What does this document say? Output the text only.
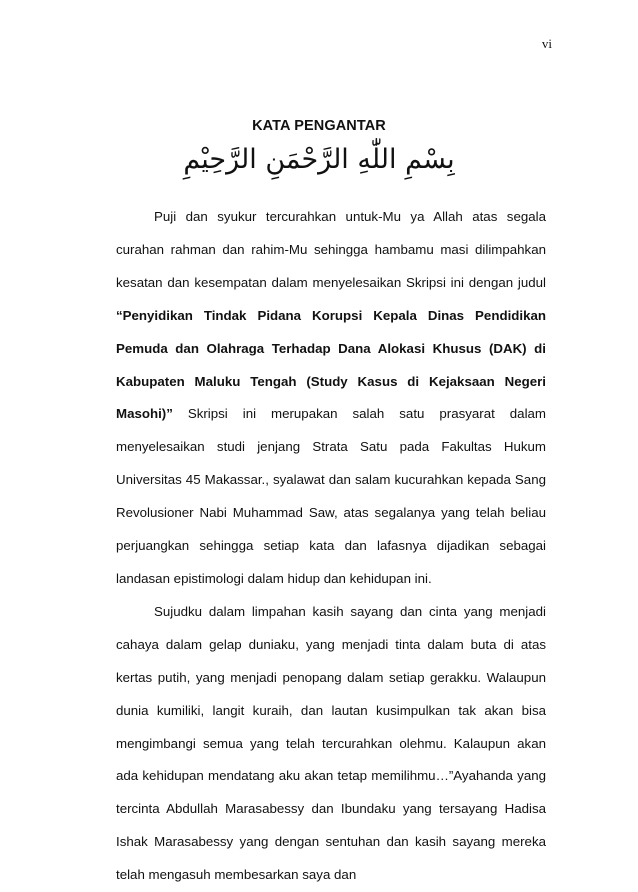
vi
KATA PENGANTAR
بِسْمِ اللّٰهِ الرَّحْمَنِ الرَّحِيْمِ

Puji dan syukur tercurahkan untuk-Mu ya Allah atas segala curahan rahman dan rahim-Mu sehingga hambamu masi dilimpahkan kesatan dan kesempatan dalam menyelesaikan Skripsi ini dengan judul “Penyidikan Tindak Pidana Korupsi Kepala Dinas Pendidikan Pemuda dan Olahraga Terhadap Dana Alokasi Khusus (DAK) di Kabupaten Maluku Tengah (Study Kasus di Kejaksaan Negeri Masohi)” Skripsi ini merupakan salah satu prasyarat dalam menyelesaikan studi jenjang Strata Satu pada Fakultas Hukum Universitas 45 Makassar., syalawat dan salam kucurahkan kepada Sang Revolusioner Nabi Muhammad Saw, atas segalanya yang telah beliau perjuangkan sehingga setiap kata dan lafasnya dijadikan sebagai landasan epistimologi dalam hidup dan kehidupan ini.

Sujudku dalam limpahan kasih sayang dan cinta yang menjadi cahaya dalam gelap duniaku, yang menjadi tinta dalam buta di atas kertas putih, yang menjadi penopang dalam setiap gerakku. Walaupun dunia kumiliki, langit kuraih, dan lautan kusimpulkan tak akan bisa mengimbangi semua yang telah tercurahkan olehmu. Kalaupun akan ada kehidupan mendatang aku akan tetap memilihmu…”Ayahanda yang tercinta Abdullah Marasabessy dan Ibundaku yang tersayang Hadisa Ishak Marasabessy yang dengan sentuhan dan kasih sayang mereka telah mengasuh membesarkan saya dan
